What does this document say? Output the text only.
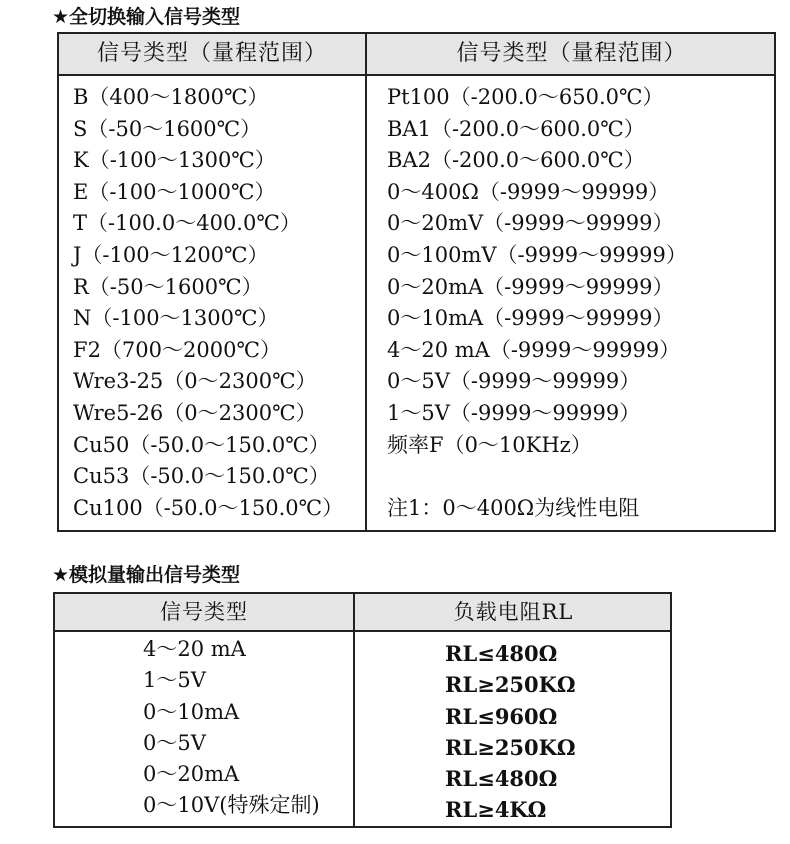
★全切换输入信号类型
信号类型（量程范围）	信号类型（量程范围）
B（400～1800℃）
S（-50～1600℃）
K（-100～1300℃）
E（-100～1000℃）
T（-100.0～400.0℃）
J（-100～1200℃）
R（-50～1600℃）
N（-100～1300℃）
F2（700～2000℃）
Wre3-25（0～2300℃）
Wre5-26（0～2300℃）
Cu50（-50.0～150.0℃）
Cu53（-50.0～150.0℃）
Cu100（-50.0～150.0℃）
Pt100（-200.0～650.0℃）
BA1（-200.0～600.0℃）
BA2（-200.0～600.0℃）
0～400Ω（-9999～99999）
0～20mV（-9999～99999）
0～100mV（-9999～99999）
0～20mA（-9999～99999）
0～10mA（-9999～99999）
4～20 mA（-9999～99999）
0～5V（-9999～99999）
1～5V（-9999～99999）
频率F（0～10KHz）
注1：0～400Ω为线性电阻
★模拟量输出信号类型
信号类型	负载电阻RL
4～20 mA
1～5V
0～10mA
0～5V
0～20mA
0～10V(特殊定制)
RL≤480Ω
RL≥250KΩ
RL≤960Ω
RL≥250KΩ
RL≤480Ω
RL≥4KΩ
